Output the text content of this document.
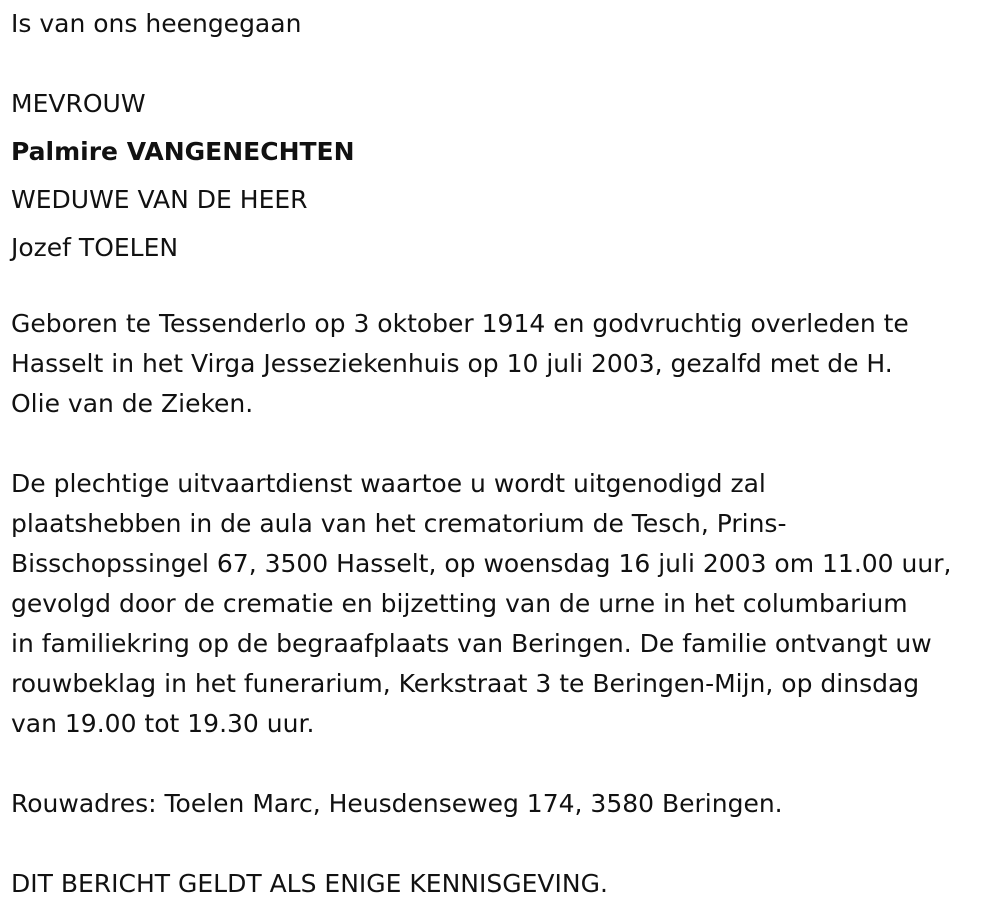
Is van ons heengegaan

MEVROUW

Palmire VANGENECHTEN

WEDUWE VAN DE HEER

Jozef TOELEN

Geboren te Tessenderlo op 3 oktober 1914 en godvruchtig overleden te

Hasselt in het Virga Jesseziekenhuis op 10 juli 2003, gezalfd met de H.

Olie van de Zieken.

De plechtige uitvaartdienst waartoe u wordt uitgenodigd zal

plaatshebben in de aula van het crematorium de Tesch, Prins-

Bisschopssingel 67, 3500 Hasselt, op woensdag 16 juli 2003 om 11.00 uur,

gevolgd door de crematie en bijzetting van de urne in het columbarium

in familiekring op de begraafplaats van Beringen. De familie ontvangt uw

rouwbeklag in het funerarium, Kerkstraat 3 te Beringen-Mijn, op dinsdag

van 19.00 tot 19.30 uur.

Rouwadres: Toelen Marc, Heusdenseweg 174, 3580 Beringen.

DIT BERICHT GELDT ALS ENIGE KENNISGEVING.
